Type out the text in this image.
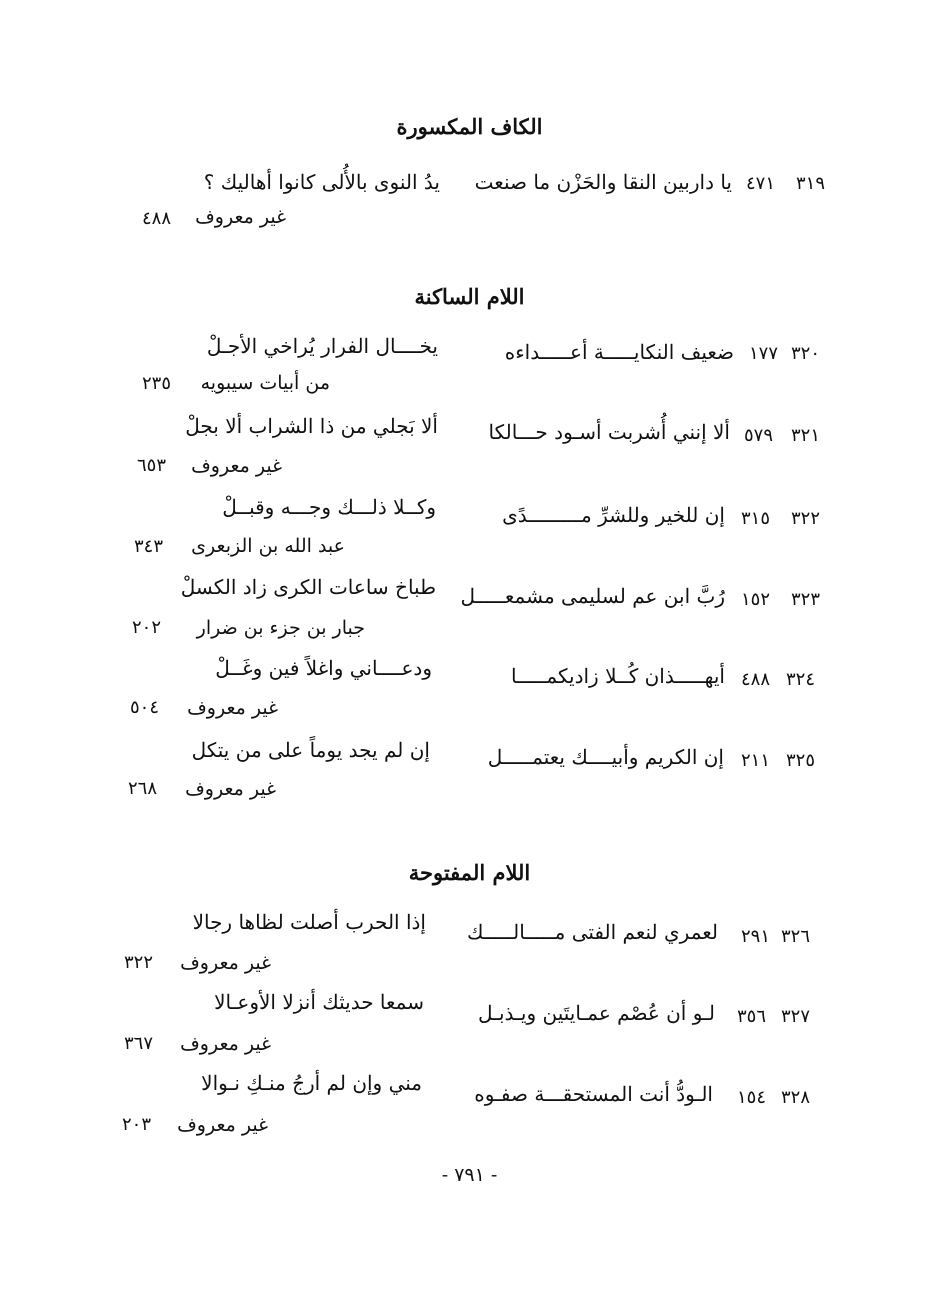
الكاف المكسورة
٣١٩
٤٧١
يا داربين النقا والحَزْن ما صنعت
يدُ النوى بالأُلى كانوا أهاليك ؟
غير معروف
٤٨٨
اللام الساكنة
٣٢٠
١٧٧
ضعيف النكايـــــة أعـــــداءه
يخــــال الفرار يُراخي الأجـلْ
من أبيات سيبويه
٢٣٥
٣٢١
٥٧٩
ألا إنني أُشربت أسـود حـــالكا
ألا بَجلي من ذا الشراب ألا بجلْ
غير معروف
٦٥٣
٣٢٢
٣١٥
إن للخير وللشرِّ مـــــــــدًى
وكــلا ذلـــك وجـــه وقبــلْ
عبد الله بن الزبعرى
٣٤٣
٣٢٣
١٥٢
رُبَّ ابن عم لسليمى مشمعـــــل
طباخ ساعات الكرى زاد الكسلْ
جبار بن جزء بن ضرار
٢٠٢
٣٢٤
٤٨٨
أيهـــــذان كُــلا زاديكمـــــا
ودعــــاني واغلاً فين وغَــلْ
غير معروف
٥٠٤
٣٢٥
٢١١
إن الكريم وأبيــــك يعتمـــــل
إن لم يجد يوماً على من يتكل
غير معروف
٢٦٨
اللام المفتوحة
٣٢٦
٢٩١
لعمري لنعم الفتى مـــــالـــــك
إذا الحرب أصلت لظاها رجالا
غير معروف
٣٢٢
٣٢٧
٣٥٦
لـو أن عُصْم عمـايتَين ويـذبـل
سمعا حديثك أنزلا الأوعـالا
غير معروف
٣٦٧
٣٢٨
١٥٤
الـودُّ أنت المستحقـــة صفـوه
مني وإن لم أرجُ منـكِ نـوالا
غير معروف
٢٠٣
- ٧٩١ -
